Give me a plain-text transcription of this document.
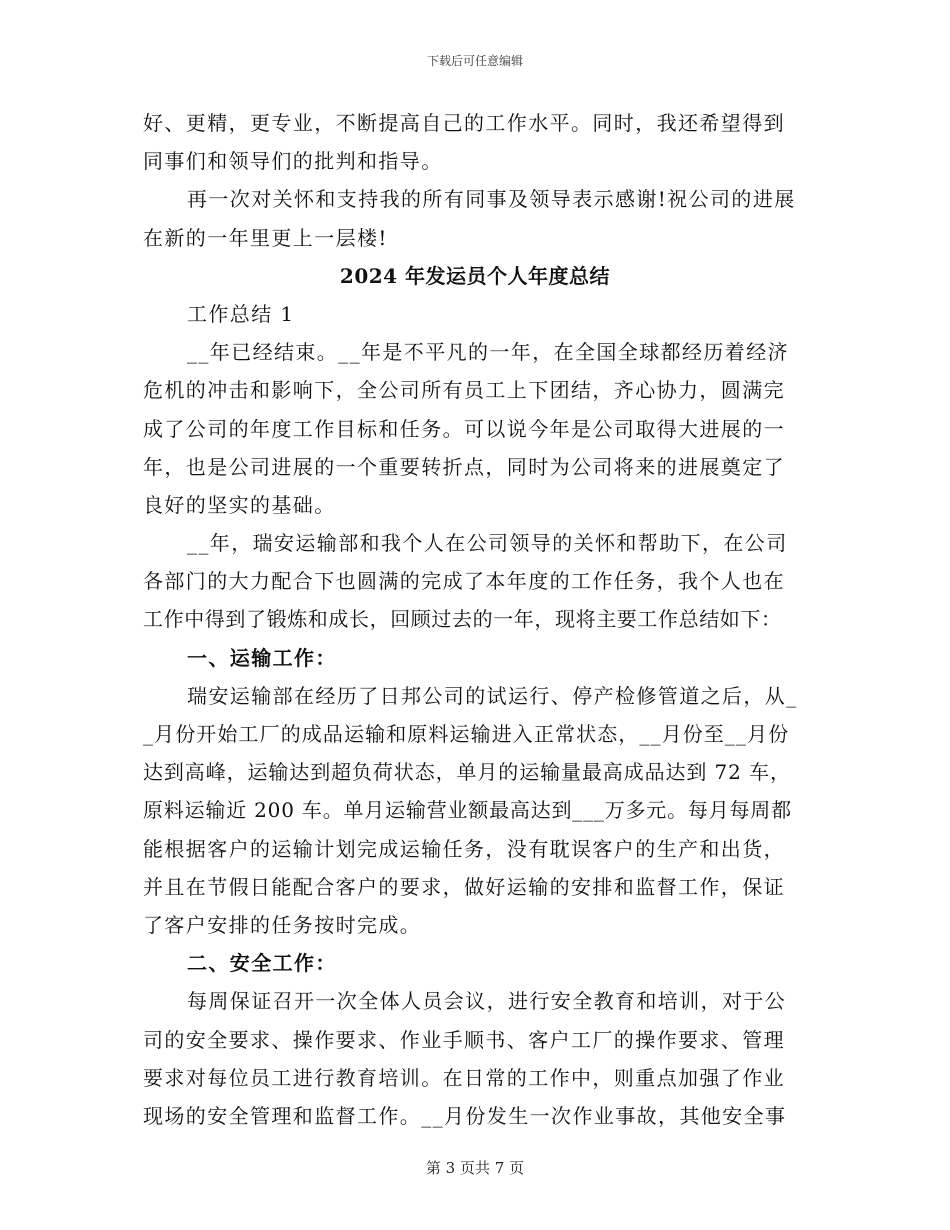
下载后可任意编辑
好、更精，更专业，不断提高自己的工作水平。同时，我还希望得到
同事们和领导们的批判和指导。
再一次对关怀和支持我的所有同事及领导表示感谢!祝公司的进展
在新的一年里更上一层楼!
2024 年发运员个人年度总结
工作总结 1
__年已经结束。__年是不平凡的一年，在全国全球都经历着经济
危机的冲击和影响下，全公司所有员工上下团结，齐心协力，圆满完
成了公司的年度工作目标和任务。可以说今年是公司取得大进展的一
年，也是公司进展的一个重要转折点，同时为公司将来的进展奠定了
良好的坚实的基础。
__年，瑞安运输部和我个人在公司领导的关怀和帮助下，在公司
各部门的大力配合下也圆满的完成了本年度的工作任务，我个人也在
工作中得到了锻炼和成长，回顾过去的一年，现将主要工作总结如下：
一、运输工作：
瑞安运输部在经历了日邦公司的试运行、停产检修管道之后，从_
_月份开始工厂的成品运输和原料运输进入正常状态，__月份至__月份
达到高峰，运输达到超负荷状态，单月的运输量最高成品达到 72 车，
原料运输近 200 车。单月运输营业额最高达到___万多元。每月每周都
能根据客户的运输计划完成运输任务，没有耽误客户的生产和出货，
并且在节假日能配合客户的要求，做好运输的安排和监督工作，保证
了客户安排的任务按时完成。
二、安全工作：
每周保证召开一次全体人员会议，进行安全教育和培训，对于公
司的安全要求、操作要求、作业手顺书、客户工厂的操作要求、管理
要求对每位员工进行教育培训。在日常的工作中，则重点加强了作业
现场的安全管理和监督工作。__月份发生一次作业事故，其他安全事
第 3 页共 7 页
